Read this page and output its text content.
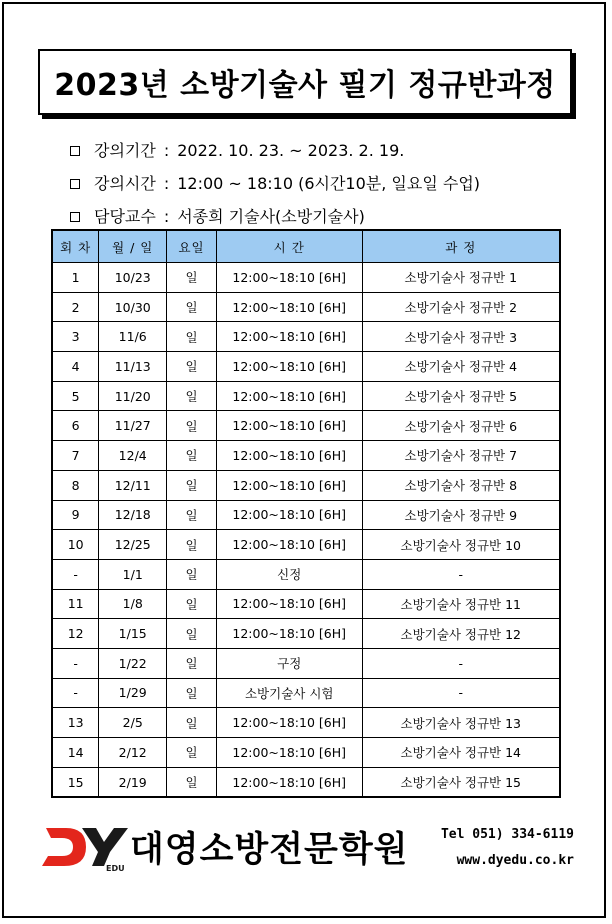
2023년 소방기술사 필기 정규반과정
강의기간 : 2022. 10. 23. ~ 2023. 2. 19.
강의시간 : 12:00 ~ 18:10 (6시간10분, 일요일 수업)
담당교수 : 서종희 기술사(소방기술사)
회 차	월 / 일	요일	시 간	과 정
1	10/23	일	12:00~18:10 [6H]	소방기술사 정규반 1
2	10/30	일	12:00~18:10 [6H]	소방기술사 정규반 2
3	11/6	일	12:00~18:10 [6H]	소방기술사 정규반 3
4	11/13	일	12:00~18:10 [6H]	소방기술사 정규반 4
5	11/20	일	12:00~18:10 [6H]	소방기술사 정규반 5
6	11/27	일	12:00~18:10 [6H]	소방기술사 정규반 6
7	12/4	일	12:00~18:10 [6H]	소방기술사 정규반 7
8	12/11	일	12:00~18:10 [6H]	소방기술사 정규반 8
9	12/18	일	12:00~18:10 [6H]	소방기술사 정규반 9
10	12/25	일	12:00~18:10 [6H]	소방기술사 정규반 10
-	1/1	일	신정	-
11	1/8	일	12:00~18:10 [6H]	소방기술사 정규반 11
12	1/15	일	12:00~18:10 [6H]	소방기술사 정규반 12
-	1/22	일	구정	-
-	1/29	일	소방기술사 시험	-
13	2/5	일	12:00~18:10 [6H]	소방기술사 정규반 13
14	2/12	일	12:00~18:10 [6H]	소방기술사 정규반 14
15	2/19	일	12:00~18:10 [6H]	소방기술사 정규반 15
EDU 대영소방전문학원 Tel 051) 334-6119
www.dyedu.co.kr
